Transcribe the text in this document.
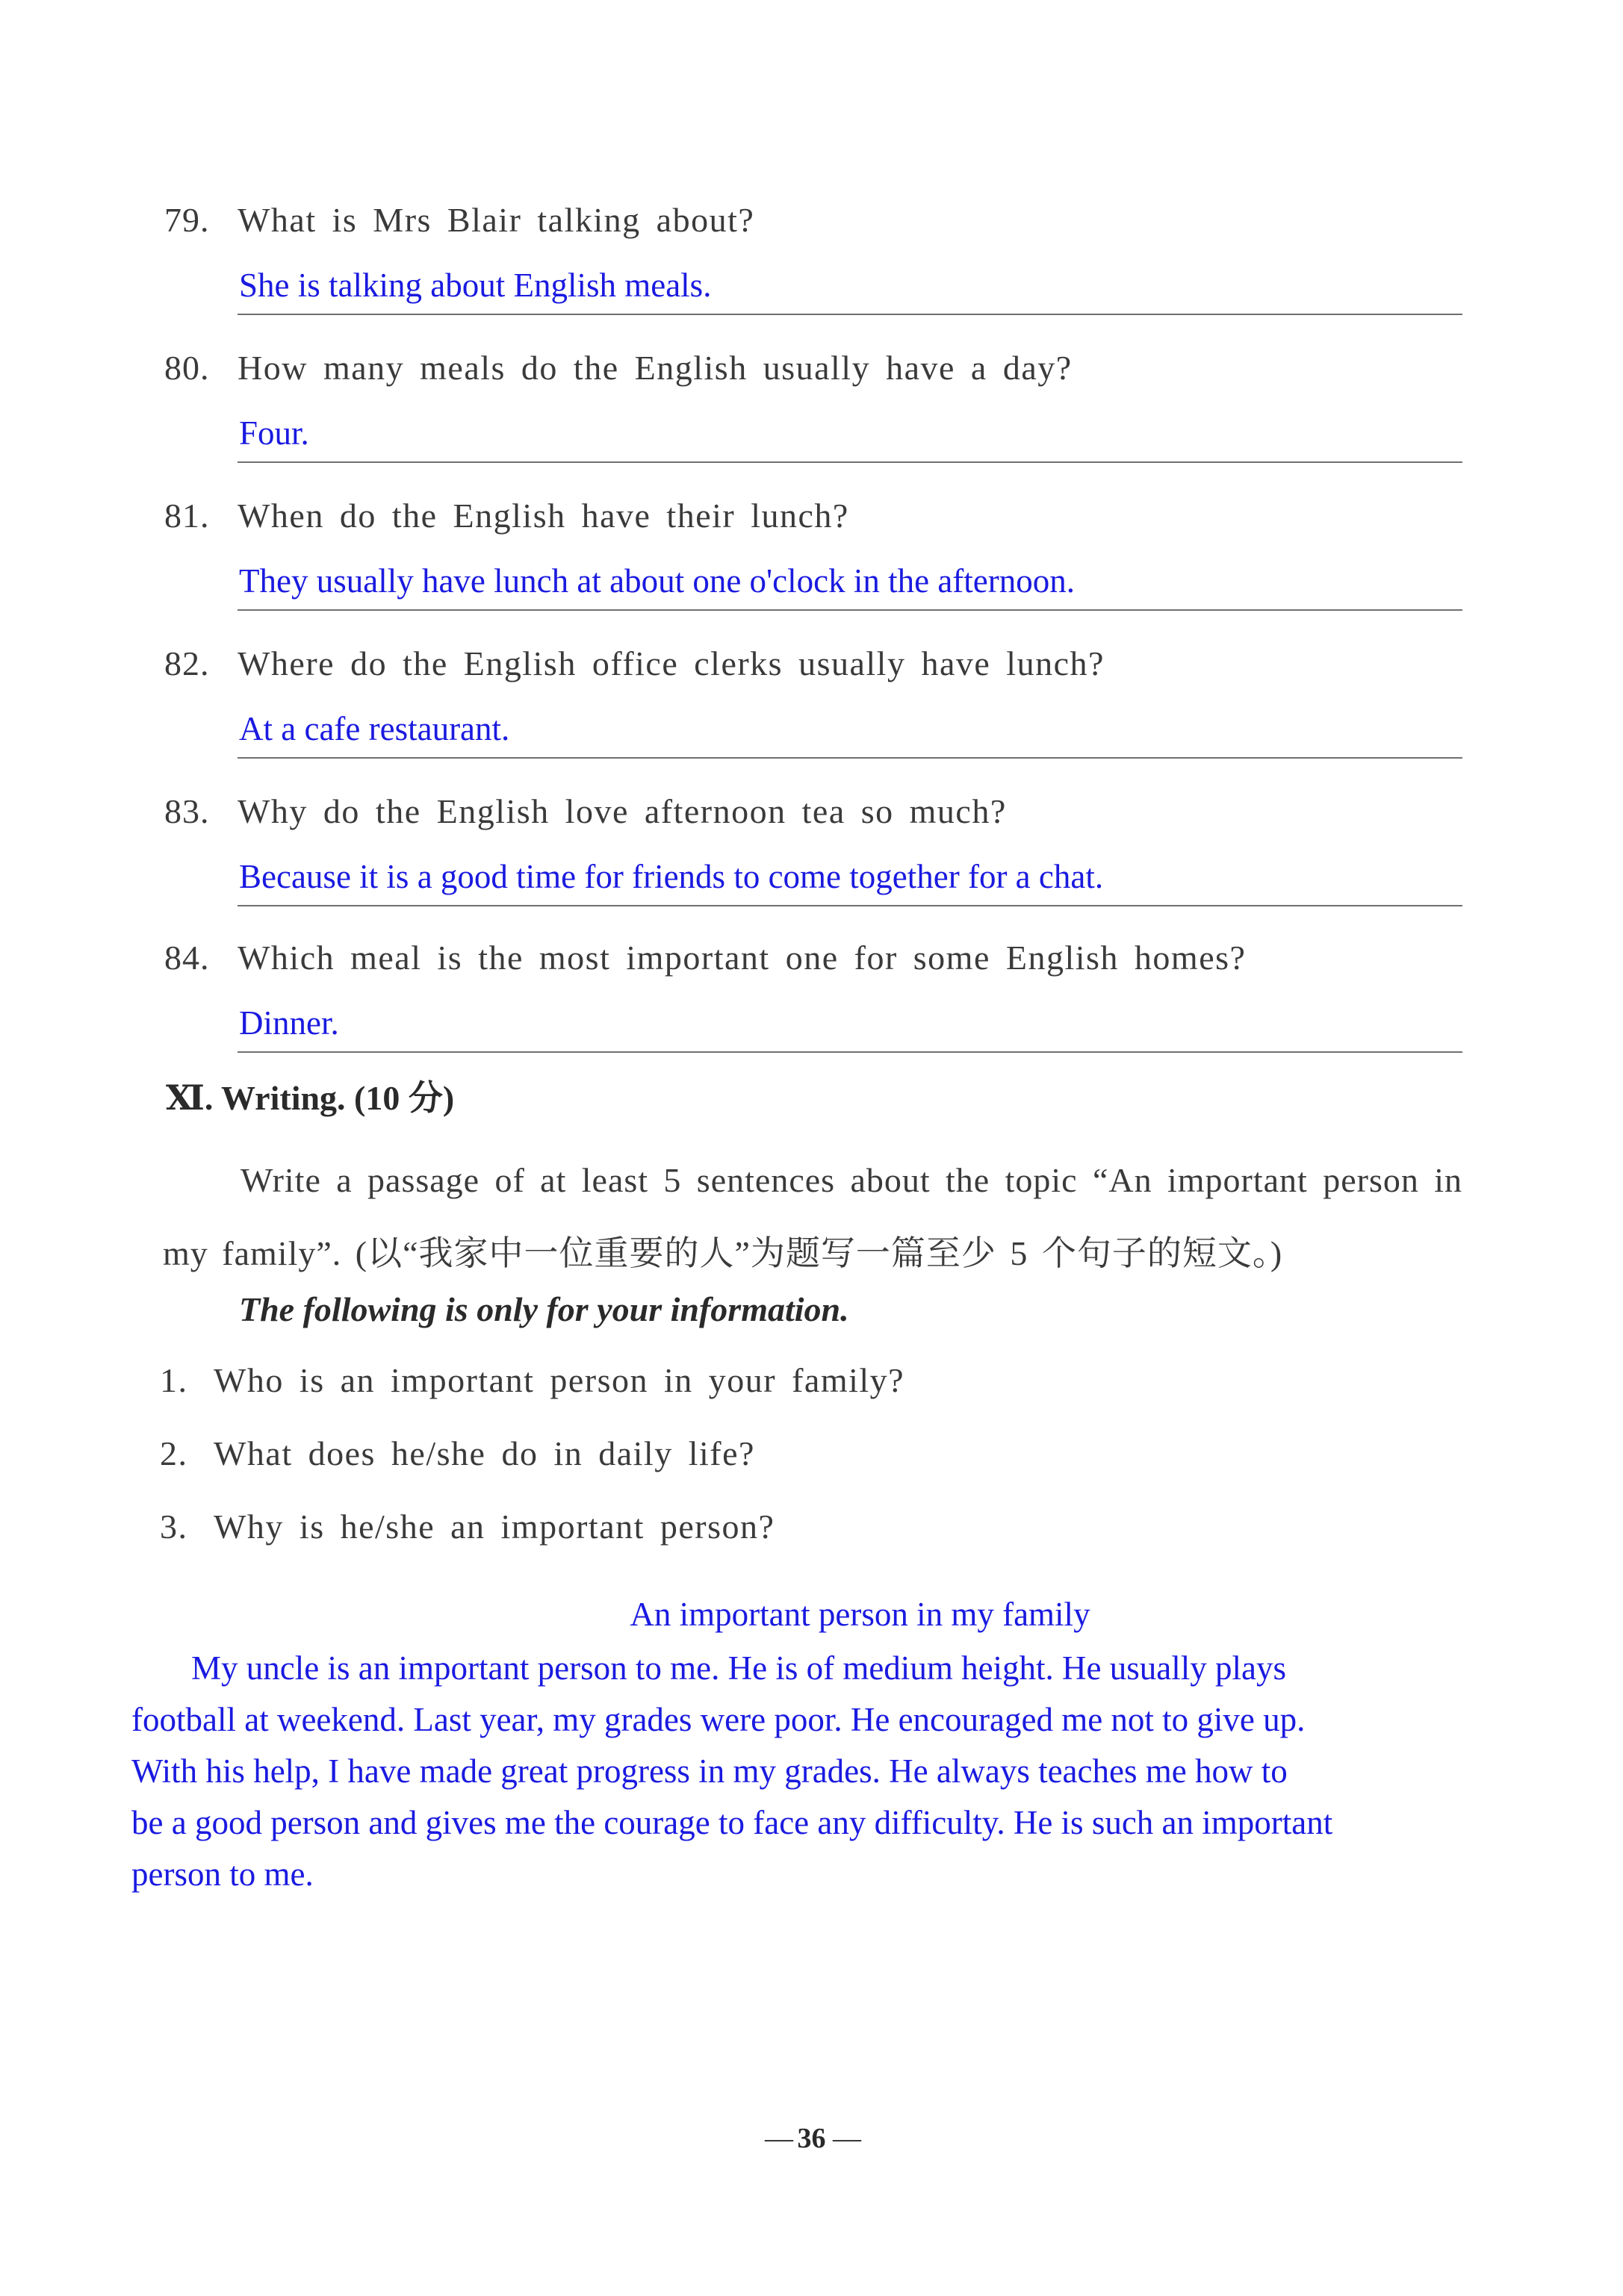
79. What is Mrs Blair talking about?
She is talking about English meals.
80. How many meals do the English usually have a day?
Four.
81. When do the English have their lunch?
They usually have lunch at about one o'clock in the afternoon.
82. Where do the English office clerks usually have lunch?
At a cafe restaurant.
83. Why do the English love afternoon tea so much?
Because it is a good time for friends to come together for a chat.
84. Which meal is the most important one for some English homes?
Dinner.
Ⅺ. Writing. (10 分)
Write a passage of at least 5 sentences about the topic “An important person in my family”. (以“我家中一位重要的人”为题写一篇至少 5 个句子的短文。)
The following is only for your information.
1. Who is an important person in your family?
2. What does he/she do in daily life?
3. Why is he/she an important person?
An important person in my family
My uncle is an important person to me. He is of medium height. He usually plays
football at weekend. Last year, my grades were poor. He encouraged me not to give up.
With his help, I have made great progress in my grades. He always teaches me how to
be a good person and gives me the courage to face any difficulty. He is such an important
person to me.
— 36 —
